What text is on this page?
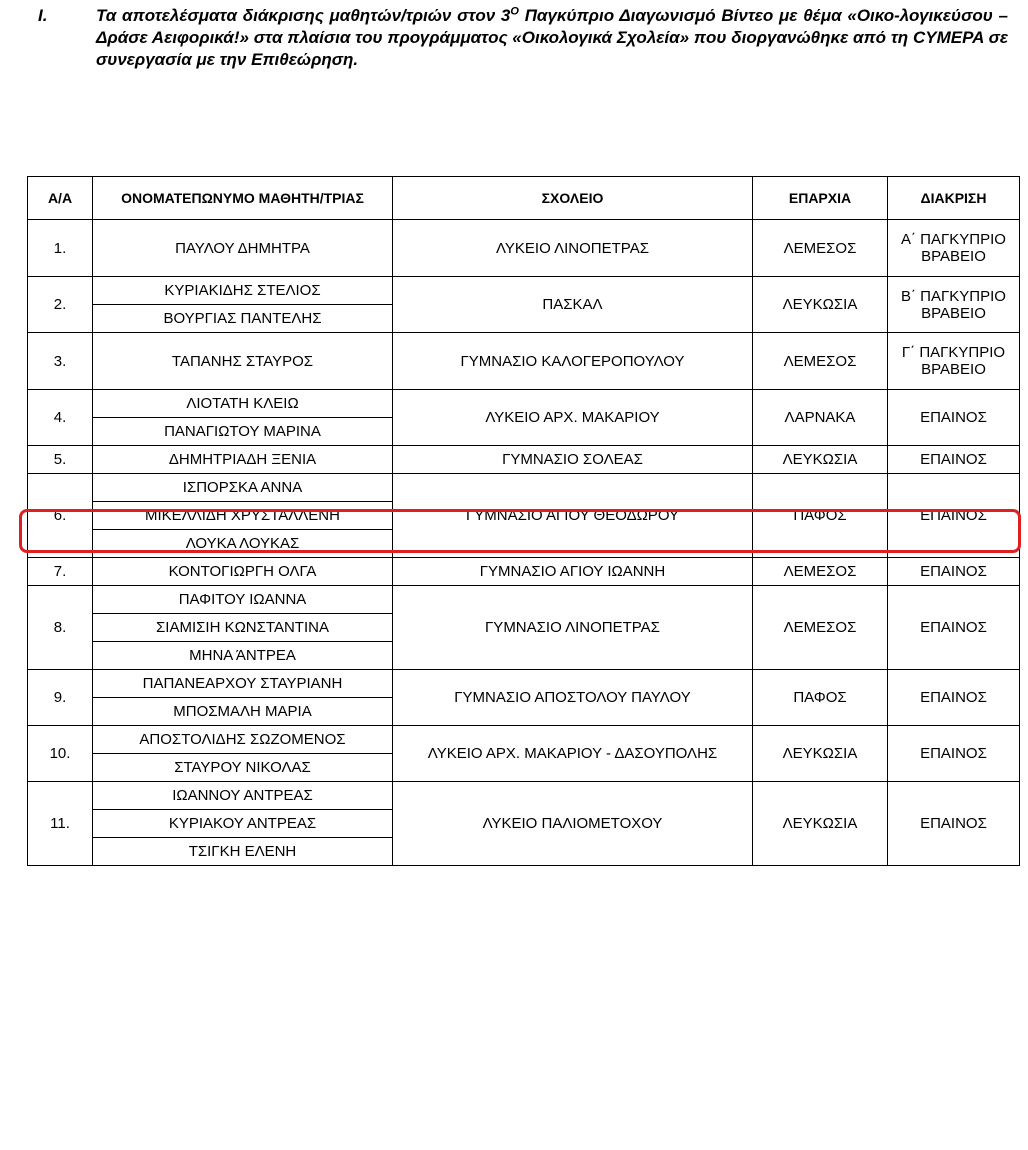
I.	Τα αποτελέσματα διάκρισης μαθητών/τριών στον $3^O$ Παγκύπριο Διαγωνισμό Βίντεο με θέμα «Οικο-λογικεύσου – Δράσε Αειφορικά!» στα πλαίσια του προγράμματος «Οικολογικά Σχολεία» που διοργανώθηκε από τη CYMEPA σε συνεργασία με την Επιθεώρηση.
Α/Α	ΟΝΟΜΑΤΕΠΩΝΥΜΟ ΜΑΘΗΤΗ/ΤΡΙΑΣ	ΣΧΟΛΕΙΟ	ΕΠΑΡΧΙΑ	ΔΙΑΚΡΙΣΗ
1.	ΠΑΥΛΟΥ ΔΗΜΗΤΡΑ	ΛΥΚΕΙΟ ΛΙΝΟΠΕΤΡΑΣ	ΛΕΜΕΣΟΣ	Α΄ ΠΑΓΚΥΠΡΙΟ ΒΡΑΒΕΙΟ
2.	ΚΥΡΙΑΚΙΔΗΣ ΣΤΕΛΙΟΣ	ΠΑΣΚΑΛ	ΛΕΥΚΩΣΙΑ	Β΄ ΠΑΓΚΥΠΡΙΟ ΒΡΑΒΕΙΟ
	ΒΟΥΡΓΙΑΣ ΠΑΝΤΕΛΗΣ			
3.	ΤΑΠΑΝΗΣ ΣΤΑΥΡΟΣ	ΓΥΜΝΑΣΙΟ ΚΑΛΟΓΕΡΟΠΟΥΛΟΥ	ΛΕΜΕΣΟΣ	Γ΄ ΠΑΓΚΥΠΡΙΟ ΒΡΑΒΕΙΟ
4.	ΛΙΟΤΑΤΗ ΚΛΕΙΩ	ΛΥΚΕΙΟ ΑΡΧ. ΜΑΚΑΡΙΟΥ	ΛΑΡΝΑΚΑ	ΕΠΑΙΝΟΣ
	ΠΑΝΑΓΙΩΤΟΥ ΜΑΡΙΝΑ			
5.	ΔΗΜΗΤΡΙΑΔΗ ΞΕΝΙΑ	ΓΥΜΝΑΣΙΟ ΣΟΛΕΑΣ	ΛΕΥΚΩΣΙΑ	ΕΠΑΙΝΟΣ
6.	ΙΣΠΟΡΣΚΑ ΑΝΝΑ	ΓΥΜΝΑΣΙΟ ΑΓΙΟΥ ΘΕΟΔΩΡΟΥ	ΠΑΦΟΣ	ΕΠΑΙΝΟΣ
	ΜΙΚΕΛΛΙΔΗ ΧΡΥΣΤΑΛΛΕΝΗ			
	ΛΟΥΚΑ ΛΟΥΚΑΣ			
7.	ΚΟΝΤΟΓΙΩΡΓΗ ΟΛΓΑ	ΓΥΜΝΑΣΙΟ ΑΓΙΟΥ ΙΩΑΝΝΗ	ΛΕΜΕΣΟΣ	ΕΠΑΙΝΟΣ
8.	ΠΑΦΙΤΟΥ ΙΩΑΝΝΑ	ΓΥΜΝΑΣΙΟ ΛΙΝΟΠΕΤΡΑΣ	ΛΕΜΕΣΟΣ	ΕΠΑΙΝΟΣ
	ΣΙΑΜΙΣΙΗ ΚΩΝΣΤΑΝΤΙΝΑ			
	ΜΗΝΑ ΆΝΤΡΕΑ			
9.	ΠΑΠΑΝΕΑΡΧΟΥ ΣΤΑΥΡΙΑΝΗ	ΓΥΜΝΑΣΙΟ ΑΠΟΣΤΟΛΟΥ ΠΑΥΛΟΥ	ΠΑΦΟΣ	ΕΠΑΙΝΟΣ
	ΜΠΟΣΜΑΛΗ ΜΑΡΙΑ			
10.	ΑΠΟΣΤΟΛΙΔΗΣ ΣΩΖΟΜΕΝΟΣ	ΛΥΚΕΙΟ ΑΡΧ. ΜΑΚΑΡΙΟΥ - ΔΑΣΟΥΠΟΛΗΣ	ΛΕΥΚΩΣΙΑ	ΕΠΑΙΝΟΣ
	ΣΤΑΥΡΟΥ ΝΙΚΟΛΑΣ			
11.	ΙΩΑΝΝΟΥ ΑΝΤΡΕΑΣ	ΛΥΚΕΙΟ ΠΑΛΙΟΜΕΤΟΧΟΥ	ΛΕΥΚΩΣΙΑ	ΕΠΑΙΝΟΣ
	ΚΥΡΙΑΚΟΥ ΑΝΤΡΕΑΣ			
	ΤΣΙΓΚΗ ΕΛΕΝΗ			
